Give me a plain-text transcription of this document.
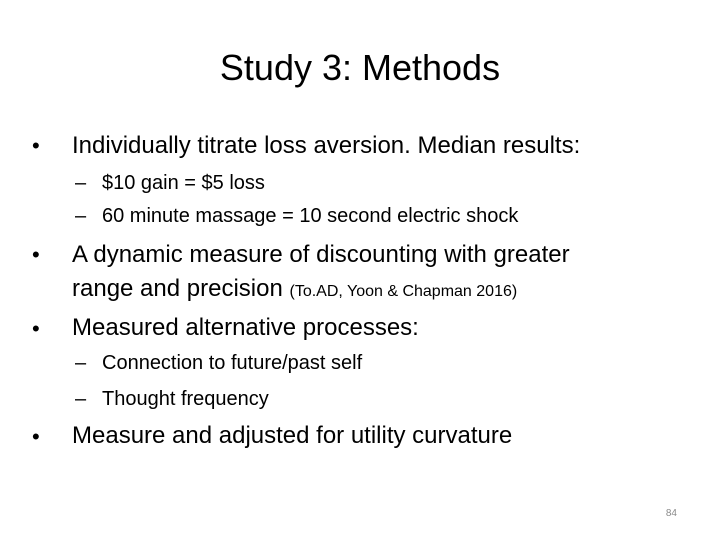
Study 3: Methods
• Individually titrate loss aversion. Median results:
– $10 gain = $5 loss
– 60 minute massage = 10 second electric shock
• A dynamic measure of discounting with greater
range and precision (To.AD, Yoon & Chapman 2016)
• Measured alternative processes:
– Connection to future/past self
– Thought frequency
• Measure and adjusted for utility curvature
84
